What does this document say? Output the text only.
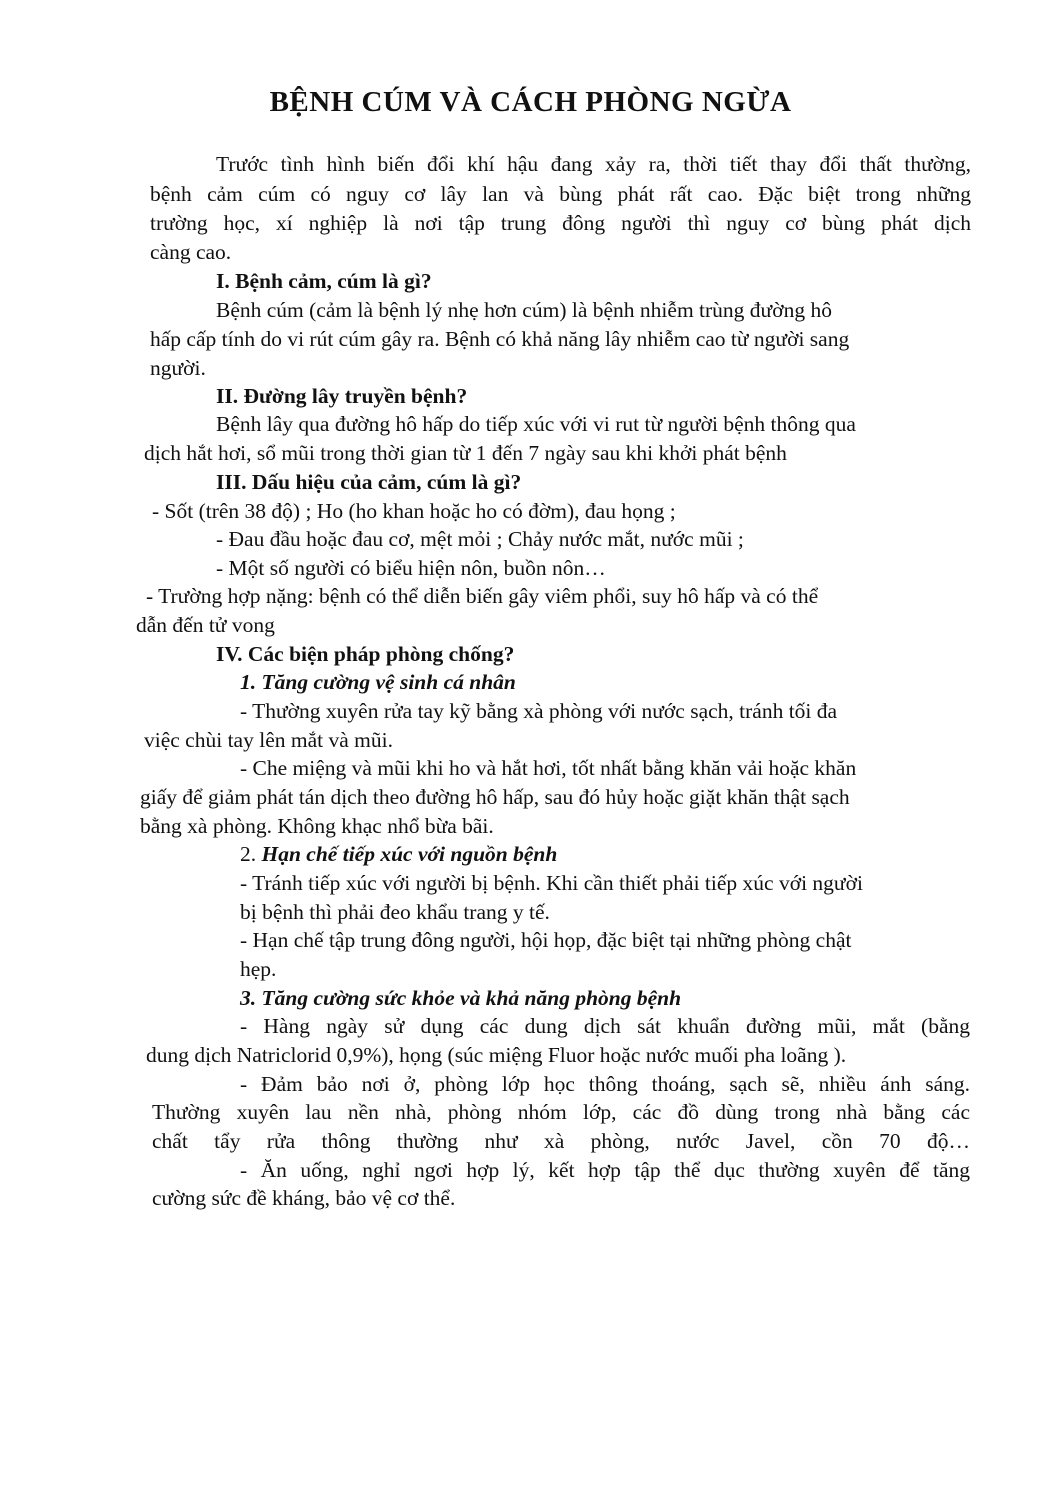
BỆNH CÚM VÀ CÁCH PHÒNG NGỪA
Trước tình hình biến đổi khí hậu đang xảy ra, thời tiết thay đổi thất thường,
bệnh cảm cúm có nguy cơ lây lan và bùng phát rất cao. Đặc biệt trong những
trường học, xí nghiệp là nơi tập trung đông người thì nguy cơ bùng phát dịch
càng cao.
I. Bệnh cảm, cúm là gì?
Bệnh cúm (cảm là bệnh lý nhẹ hơn cúm) là bệnh nhiễm trùng đường hô
hấp cấp tính do vi rút cúm gây ra. Bệnh có khả năng lây nhiễm cao từ người sang
người.
II. Đường lây truyền bệnh?
Bệnh lây qua đường hô hấp do tiếp xúc với vi rut từ người bệnh thông qua
dịch hắt hơi, sổ mũi trong thời gian từ 1 đến 7 ngày sau khi khởi phát bệnh
III. Dấu hiệu của cảm, cúm là gì?
- Sốt (trên 38 độ) ; Ho (ho khan hoặc ho có đờm), đau họng ;
- Đau đầu hoặc đau cơ, mệt mỏi ; Chảy nước mắt, nước mũi ;
- Một số người có biểu hiện nôn, buồn nôn…
- Trường hợp nặng: bệnh có thể diễn biến gây viêm phổi, suy hô hấp và có thể
dẫn đến tử vong
IV. Các biện pháp phòng chống?
1. Tăng cường vệ sinh cá nhân
- Thường xuyên rửa tay kỹ bằng xà phòng với nước sạch, tránh tối đa
việc chùi tay lên mắt và mũi.
- Che miệng và mũi khi ho và hắt hơi, tốt nhất bằng khăn vải hoặc khăn
giấy để giảm phát tán dịch theo đường hô hấp, sau đó hủy hoặc giặt khăn thật sạch
bằng xà phòng. Không khạc nhổ bừa bãi.
2. Hạn chế tiếp xúc với nguồn bệnh
- Tránh tiếp xúc với người bị bệnh. Khi cần thiết phải tiếp xúc với người
bị bệnh thì phải đeo khẩu trang y tế.
- Hạn chế tập trung đông người, hội họp, đặc biệt tại những phòng chật
hẹp.
3. Tăng cường sức khỏe và khả năng phòng bệnh
- Hàng ngày sử dụng các dung dịch sát khuẩn đường mũi, mắt (bằng
dung dịch Natriclorid 0,9%), họng (súc miệng Fluor hoặc nước muối pha loãng ).
- Đảm bảo nơi ở, phòng lớp học thông thoáng, sạch sẽ, nhiều ánh sáng.
Thường xuyên lau nền nhà, phòng nhóm lớp, các đồ dùng trong nhà bằng các
chất tẩy rửa thông thường như xà phòng, nước Javel, cồn 70 độ…
- Ăn uống, nghỉ ngơi hợp lý, kết hợp tập thể dục thường xuyên để tăng
cường sức đề kháng, bảo vệ cơ thể.
